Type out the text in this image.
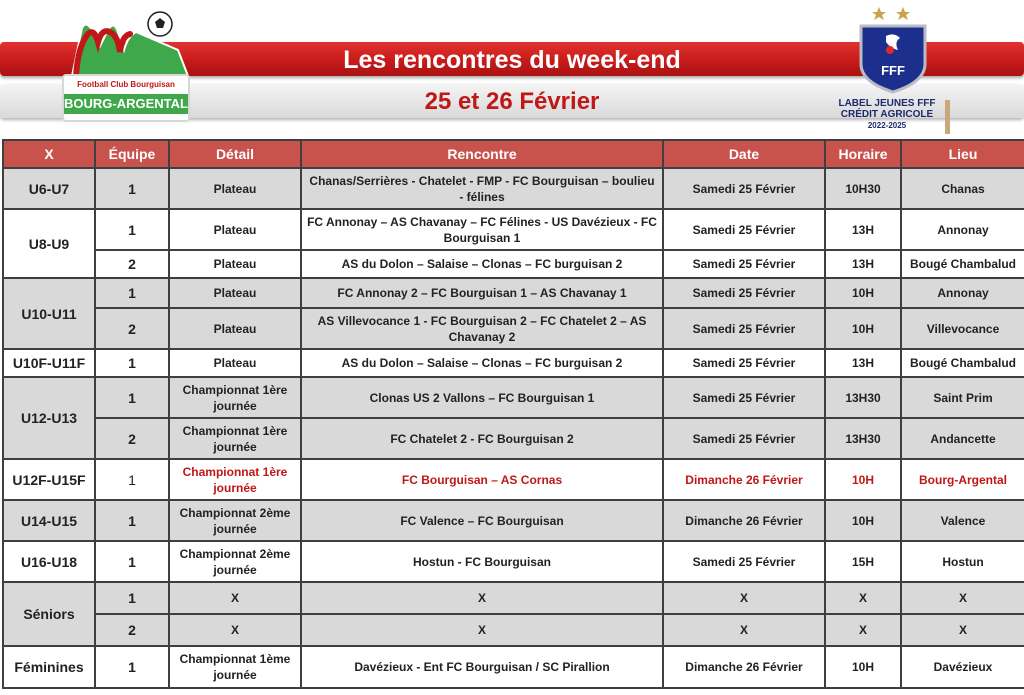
Les rencontres du week-end
25 et 26 Février
Football Club Bourguisan
BOURG-ARGENTAL
FFF
LABEL JEUNES FFF
CRÉDIT AGRICOLE
2022-2025
X	Équipe	Détail	Rencontre	Date	Horaire	Lieu
U6-U7	1	Plateau	Chanas/Serrières - Chatelet - FMP - FC Bourguisan – boulieu - félines	Samedi 25 Février	10H30	Chanas
U8-U9	1	Plateau	FC Annonay – AS Chavanay – FC Félines - US Davézieux - FC Bourguisan 1	Samedi 25 Février	13H	Annonay
	2	Plateau	AS du Dolon – Salaise – Clonas – FC burguisan 2	Samedi 25 Février	13H	Bougé Chambalud
U10-U11	1	Plateau	FC Annonay 2 – FC Bourguisan 1 – AS Chavanay 1	Samedi 25 Février	10H	Annonay
	2	Plateau	AS Villevocance 1 - FC Bourguisan 2 – FC Chatelet 2 – AS Chavanay 2	Samedi 25 Février	10H	Villevocance
U10F-U11F	1	Plateau	AS du Dolon – Salaise – Clonas – FC burguisan 2	Samedi 25 Février	13H	Bougé Chambalud
U12-U13	1	Championnat 1ère journée	Clonas US 2 Vallons – FC Bourguisan 1	Samedi 25 Février	13H30	Saint Prim
	2	Championnat 1ère journée	FC Chatelet 2 - FC Bourguisan 2	Samedi 25 Février	13H30	Andancette
U12F-U15F	1	Championnat 1ère journée	FC Bourguisan – AS Cornas	Dimanche 26 Février	10H	Bourg-Argental
U14-U15	1	Championnat 2ème journée	FC Valence – FC Bourguisan	Dimanche 26 Février	10H	Valence
U16-U18	1	Championnat 2ème journée	Hostun - FC Bourguisan	Samedi 25 Février	15H	Hostun
Séniors	1	X	X	X	X	X
	2	X	X	X	X	X
Féminines	1	Championnat 1ème journée	Davézieux - Ent FC Bourguisan / SC Pirallion	Dimanche 26 Février	10H	Davézieux
